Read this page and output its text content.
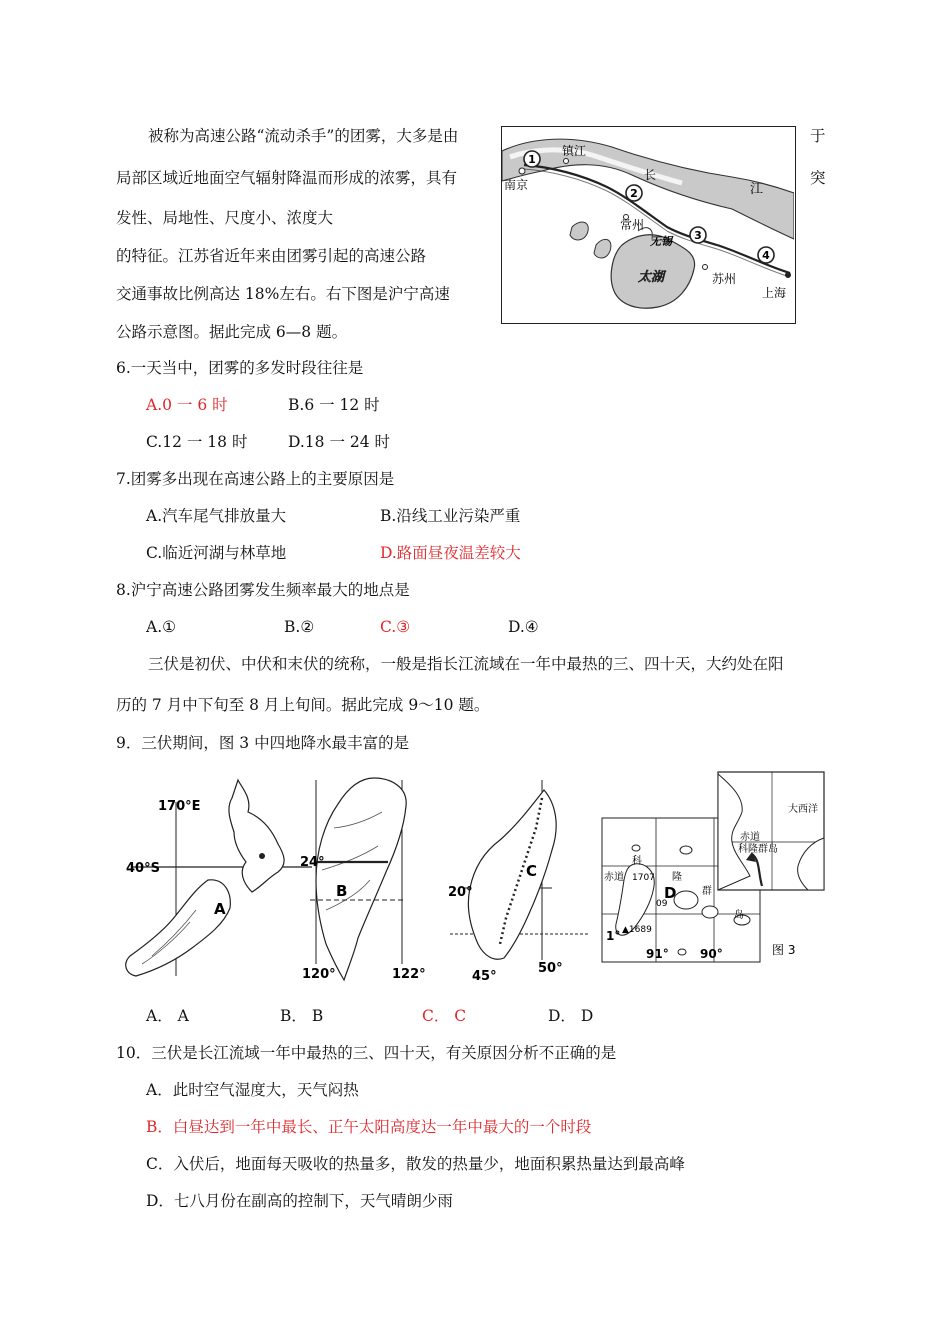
被称为高速公路“流动杀手”的团雾，大多是由	于
局部区域近地面空气辐射降温而形成的浓雾，具有	突
发性、局地性、尺度小、浓度大
的特征。江苏省近年来由团雾引起的高速公路
交通事故比例高达 18%左右。右下图是沪宁高速
公路示意图。据此完成 6—8 题。
1
2
3
4
南京
镇江
长
江
常州
无锡
太湖	苏州
上海
6.一天当中，团雾的多发时段往往是
A.0 一 6 时	B.6 一 12 时
C.12 一 18 时	D.18 一 24 时
7.团雾多出现在高速公路上的主要原因是
A.汽车尾气排放量大	B.沿线工业污染严重
C.临近河湖与林草地	D.路面昼夜温差较大
8.沪宁高速公路团雾发生频率最大的地点是
A.①	B.②	C.③	D.④
三伏是初伏、中伏和末伏的统称，一般是指长江流域在一年中最热的三、四十天，大约处在阳
历的 7 月中下旬至 8 月上旬间。据此完成 9～10 题。
9．三伏期间，图 3 中四地降水最丰富的是
170°E
40°S
A
24°
B
120°	122°
20°
C
45°
50°
科
赤道 1707 隆
D
09
群
岛
▲1689
1°
91°	90°
大西洋
赤道
科隆群岛
图 3
A． A	B． B	C． C	D． D
10．三伏是长江流域一年中最热的三、四十天，有关原因分析不正确的是
A．此时空气湿度大，天气闷热
B．白昼达到一年中最长、正午太阳高度达一年中最大的一个时段
C．入伏后，地面每天吸收的热量多，散发的热量少，地面积累热量达到最高峰
D．七八月份在副高的控制下，天气晴朗少雨
